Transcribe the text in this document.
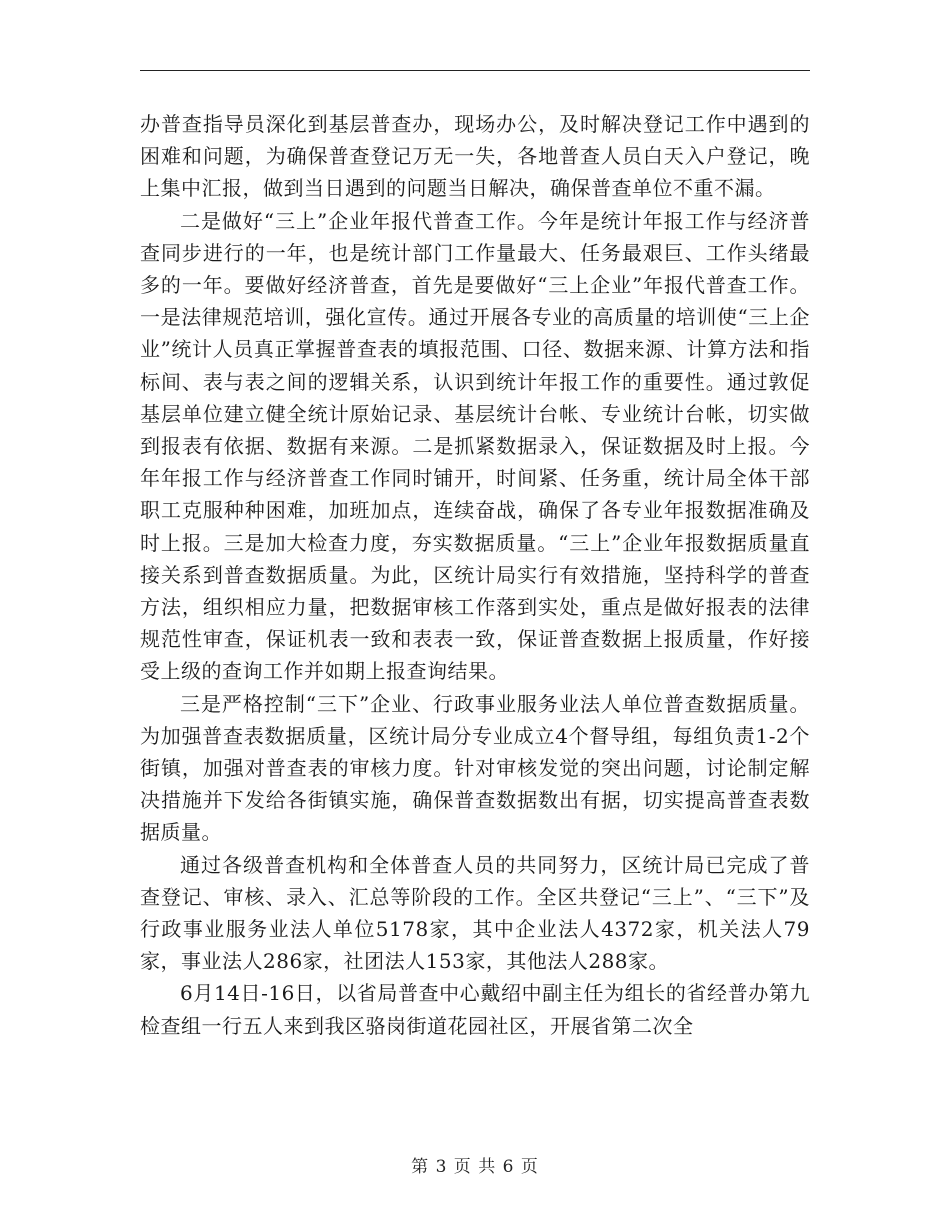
办普查指导员深化到基层普查办，现场办公，及时解决登记工作中遇到的困难和问题，为确保普查登记万无一失，各地普查人员白天入户登记，晚上集中汇报，做到当日遇到的问题当日解决，确保普查单位不重不漏。

二是做好“三上”企业年报代普查工作。今年是统计年报工作与经济普查同步进行的一年，也是统计部门工作量最大、任务最艰巨、工作头绪最多的一年。要做好经济普查，首先是要做好“三上企业”年报代普查工作。一是法律规范培训，强化宣传。通过开展各专业的高质量的培训使“三上企业”统计人员真正掌握普查表的填报范围、口径、数据来源、计算方法和指标间、表与表之间的逻辑关系，认识到统计年报工作的重要性。通过敦促基层单位建立健全统计原始记录、基层统计台帐、专业统计台帐，切实做到报表有依据、数据有来源。二是抓紧数据录入，保证数据及时上报。今年年报工作与经济普查工作同时铺开，时间紧、任务重，统计局全体干部职工克服种种困难，加班加点，连续奋战，确保了各专业年报数据准确及时上报。三是加大检查力度，夯实数据质量。“三上”企业年报数据质量直接关系到普查数据质量。为此，区统计局实行有效措施，坚持科学的普查方法，组织相应力量，把数据审核工作落到实处，重点是做好报表的法律规范性审查，保证机表一致和表表一致，保证普查数据上报质量，作好接受上级的查询工作并如期上报查询结果。

三是严格控制“三下”企业、行政事业服务业法人单位普查数据质量。为加强普查表数据质量，区统计局分专业成立4个督导组，每组负责1-2个街镇，加强对普查表的审核力度。针对审核发觉的突出问题，讨论制定解决措施并下发给各街镇实施，确保普查数据数出有据，切实提高普查表数据质量。

通过各级普查机构和全体普查人员的共同努力，区统计局已完成了普查登记、审核、录入、汇总等阶段的工作。全区共登记“三上”、“三下”及行政事业服务业法人单位5178家，其中企业法人4372家，机关法人79家，事业法人286家，社团法人153家，其他法人288家。

6月14日-16日，以省局普查中心戴绍中副主任为组长的省经普办第九检查组一行五人来到我区骆岗街道花园社区，开展省第二次全

第 3 页 共 6 页
